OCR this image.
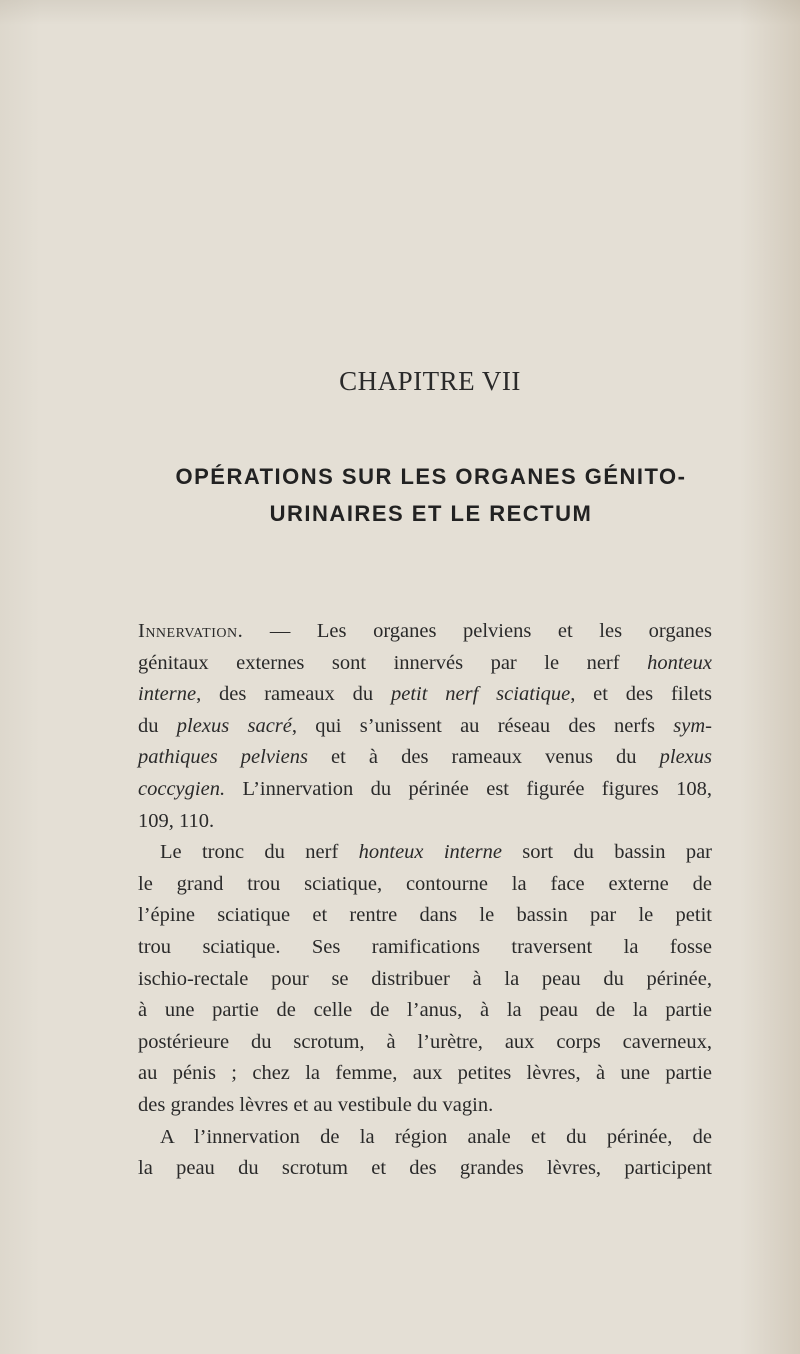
CHAPITRE VII
OPÉRATIONS SUR LES ORGANES GÉNITO-
URINAIRES ET LE RECTUM
Innervation. — Les organes pelviens et les organes
génitaux externes sont innervés par le nerf honteux
interne, des rameaux du petit nerf sciatique, et des filets
du plexus sacré, qui s’unissent au réseau des nerfs sym-
pathiques pelviens et à des rameaux venus du plexus
coccygien. L’innervation du périnée est figurée figures 108,
109, 110.
Le tronc du nerf honteux interne sort du bassin par
le grand trou sciatique, contourne la face externe de
l’épine sciatique et rentre dans le bassin par le petit
trou sciatique. Ses ramifications traversent la fosse
ischio-rectale pour se distribuer à la peau du périnée,
à une partie de celle de l’anus, à la peau de la partie
postérieure du scrotum, à l’urètre, aux corps caverneux,
au pénis ; chez la femme, aux petites lèvres, à une partie
des grandes lèvres et au vestibule du vagin.
A l’innervation de la région anale et du périnée, de
la peau du scrotum et des grandes lèvres, participent
